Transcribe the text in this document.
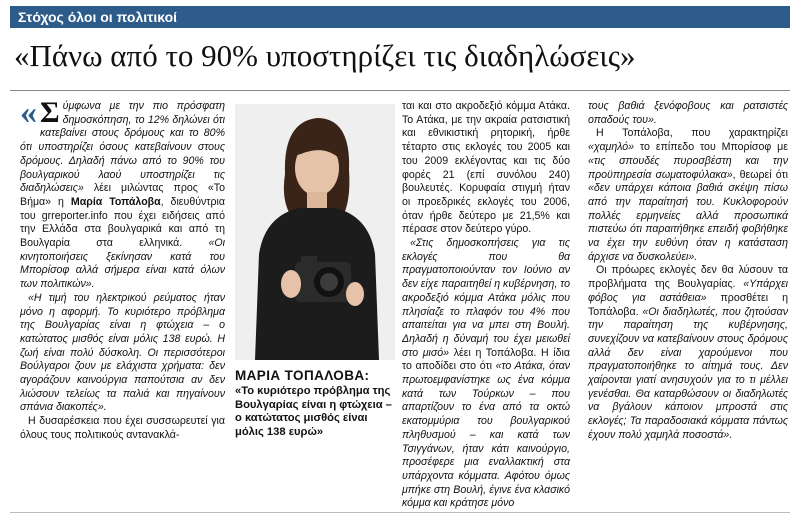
Στόχος όλοι οι πολιτικοί
«Πάνω από το 90% υποστηρίζει τις διαδηλώσεις»

« Σ ύμφωνα με την πιο πρόσφατη δημοσκόπηση, το 12% δηλώνει ότι κατεβαίνει στους δρόμους και το 80% ότι υποστηρίζει όσους κατεβαίνουν στους δρόμους. Δηλαδή πάνω από το 90% του βουλγαρικού λαού υποστηρίζει τις διαδηλώσεις» λέει μιλώντας προς «Το Βήμα» η Μαρία Τοπάλοβα, διευθύντρια του grreporter.info που έχει ειδήσεις από την Ελλάδα στα βουλγαρικά και από τη Βουλγαρία στα ελληνικά. «Οι κινητοποιήσεις ξεκίνησαν κατά του Μπορίσοφ αλλά σήμερα είναι κατά όλων των πολιτικών».

«Η τιμή του ηλεκτρικού ρεύματος ήταν μόνο η αφορμή. Το κυριότερο πρόβλημα της Βουλγαρίας είναι η φτώχεια – ο κατώτατος μισθός είναι μόλις 138 ευρώ. Η ζωή είναι πολύ δύσκολη. Οι περισσότεροι Βούλγαροι ζουν με ελάχιστα χρήματα: δεν αγοράζουν καινούργια παπούτσια αν δεν λιώσουν τελείως τα παλιά και πηγαίνουν σπάνια διακοπές».

Η δυσαρέσκεια που έχει συσσωρευτεί για όλους τους πολιτικούς αντανακλά-

ΜΑΡΙΑ ΤΟΠΑΛΟΒΑ:
«Το κυριότερο πρόβλημα της Βουλγαρίας είναι η φτώχεια – ο κατώτατος μισθός είναι μόλις 138 ευρώ»

ται και στο ακροδεξιό κόμμα Ατάκα. Το Ατάκα, με την ακραία ρατσιστική και εθνικιστική ρητορική, ήρθε τέταρτο στις εκλογές του 2005 και του 2009 εκλέγοντας και τις δύο φορές 21 (επί συνόλου 240) βουλευτές. Κορυφαία στιγμή ήταν οι προεδρικές εκλογές του 2006, όταν ήρθε δεύτερο με 21,5% και πέρασε στον δεύτερο γύρο.

«Στις δημοσκοπήσεις για τις εκλογές που θα πραγματοποιούνταν τον Ιούνιο αν δεν είχε παραιτηθεί η κυβέρνηση, το ακροδεξιό κόμμα Ατάκα μόλις που πλησίαζε το πλαφόν του 4% που απαιτείται για να μπει στη Βουλή. Δηλαδή η δύναμή του έχει μειωθεί στο μισό» λέει η Τοπάλοβα. Η ίδια το αποδίδει στο ότι «το Ατάκα, όταν πρωτοεμφανίστηκε ως ένα κόμμα κατά των Τούρκων – που απαρτίζουν το ένα από τα οκτώ εκατομμύρια του βουλγαρικού πληθυσμού – και κατά των Τσιγγάνων, ήταν κάτι καινούργιο, προσέφερε μια εναλλακτική στα υπάρχοντα κόμματα. Αφότου όμως μπήκε στη Βουλή, έγινε ένα κλασικό κόμμα και κράτησε μόνο

τους βαθιά ξενόφοβους και ρατσιστές οπαδούς του».

Η Τοπάλοβα, που χαρακτηρίζει «χαμηλό» το επίπεδο του Μπορίσοφ με «τις σπουδές πυροσβέστη και την προϋπηρεσία σωματοφύλακα», θεωρεί ότι «δεν υπάρχει κάποια βαθιά σκέψη πίσω από την παραίτησή του. Κυκλοφορούν πολλές ερμηνείες αλλά προσωπικά πιστεύω ότι παραιτήθηκε επειδή φοβήθηκε να έχει την ευθύνη όταν η κατάσταση άρχισε να δυσκολεύει».

Οι πρόωρες εκλογές δεν θα λύσουν τα προβλήματα της Βουλγαρίας. «Υπάρχει φόβος για αστάθεια» προσθέτει η Τοπάλοβα. «Οι διαδηλωτές, που ζητούσαν την παραίτηση της κυβέρνησης, συνεχίζουν να κατεβαίνουν στους δρόμους αλλά δεν είναι χαρούμενοι που πραγματοποιήθηκε το αίτημά τους. Δεν χαίρονται γιατί ανησυχούν για το τι μέλλει γενέσθαι. Θα καταρθώσουν οι διαδηλωτές να βγάλουν κάποιον μπροστά στις εκλογές; Τα παραδοσιακά κόμματα πάντως έχουν πολύ χαμηλά ποσοστά».
